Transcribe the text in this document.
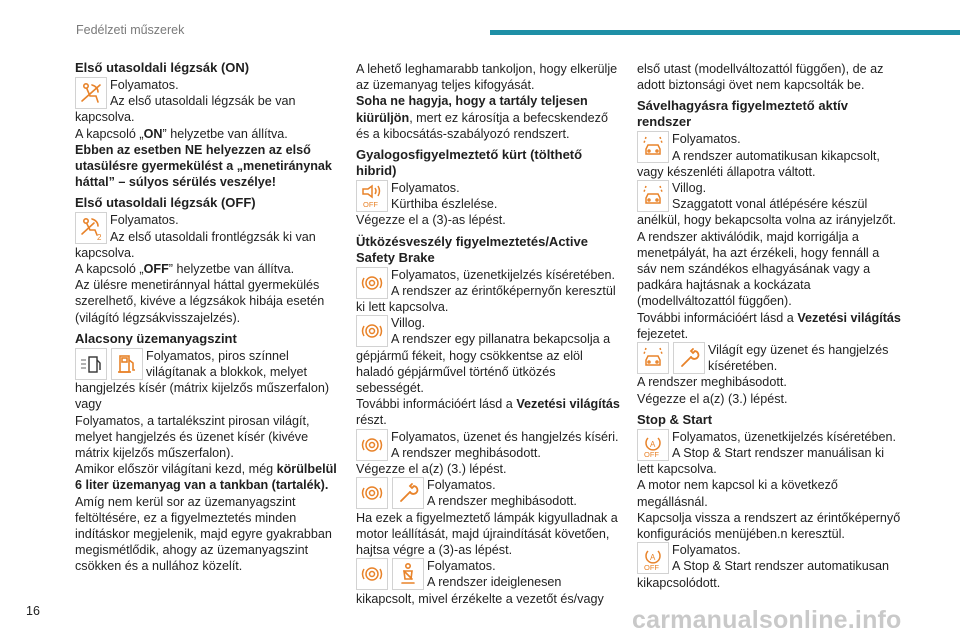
Fedélzeti műszerek
Első utasoldali légzsák (ON)

Folyamatos.

Az első utasoldali légzsák be van kapcsolva.

A kapcsoló „ON” helyzetbe van állítva.

Ebben az esetben NE helyezzen az első utasülésre gyermekülést a „menetiránynak háttal” – súlyos sérülés veszélye!

Első utasoldali légzsák (OFF)
2

Folyamatos.

Az első utasoldali frontlégzsák ki van kapcsolva.

A kapcsoló „OFF” helyzetbe van állítva.

Az ülésre menetiránnyal háttal gyermekülés szerelhető, kivéve a légzsákok hibája esetén (világító légzsákvisszajelzés).

Alacsony üzemanyagszint

Folyamatos, piros színnel világítanak a blokkok, melyet hangjelzés kísér (mátrix kijelzős műszerfalon) vagy

Folyamatos, a tartalékszint pirosan világít, melyet hangjelzés és üzenet kísér (kivéve mátrix kijelzős műszerfalon).

Amikor először világítani kezd, még körülbelül 6 liter üzemanyag van a tankban (tartalék).

Amíg nem kerül sor az üzemanyagszint feltöltésére, ez a figyelmeztetés minden indításkor megjelenik, majd egyre gyakrabban megismétlődik, ahogy az üzemanyagszint csökken és a nullához közelít.

A lehető leghamarabb tankoljon, hogy elkerülje az üzemanyag teljes kifogyását.

Soha ne hagyja, hogy a tartály teljesen kiürüljön, mert ez károsítja a befecskendező és a kibocsátás-szabályozó rendszert.

Gyalogosfigyelmeztető kürt (tölthető hibrid)
OFF

Folyamatos.

Kürthiba észlelése.

Végezze el a (3)-as lépést.

Ütközésveszély figyelmeztetés/Active Safety Brake

Folyamatos, üzenetkijelzés kíséretében.

A rendszer az érintőképernyőn keresztül ki lett kapcsolva.

Villog.

A rendszer egy pillanatra bekapcsolja a gépjármű fékeit, hogy csökkentse az elöl haladó gépjárművel történő ütközés sebességét.

További információért lásd a Vezetési világítás részt.

Folyamatos, üzenet és hangjelzés kíséri.

A rendszer meghibásodott.

Végezze el a(z) (3.) lépést.

Folyamatos.

A rendszer meghibásodott.

Ha ezek a figyelmeztető lámpák kigyulladnak a motor leállítását, majd újraindítását követően, hajtsa végre a (3)-as lépést.

Folyamatos.

A rendszer ideiglenesen kikapcsolt, mivel érzékelte a vezetőt és/vagy

első utast (modellváltozattól függően), de az adott biztonsági övet nem kapcsolták be.

Sávelhagyásra figyelmeztető aktív rendszer

Folyamatos.

A rendszer automatikusan kikapcsolt, vagy készenléti állapotra váltott.

Villog.

Szaggatott vonal átlépésére készül anélkül, hogy bekapcsolta volna az irányjelzőt.

A rendszer aktiválódik, majd korrigálja a menetpályát, ha azt érzékeli, hogy fennáll a sáv nem szándékos elhagyásának vagy a padkára hajtásnak a kockázata (modellváltozattól függően).

További információért lásd a Vezetési világítás fejezetet.

Világít egy üzenet és hangjelzés kíséretében.

A rendszer meghibásodott.

Végezze el a(z) (3.) lépést.

Stop & Start
A
OFF

Folyamatos, üzenetkijelzés kíséretében.

A Stop & Start rendszer manuálisan ki lett kapcsolva.

A motor nem kapcsol ki a következő megállásnál.

Kapcsolja vissza a rendszert az érintőképernyő konfigurációs menüjében.n keresztül.

A
OFF

Folyamatos.

A Stop & Start rendszer automatikusan kikapcsolódott.

16	carmanualsonline.info
